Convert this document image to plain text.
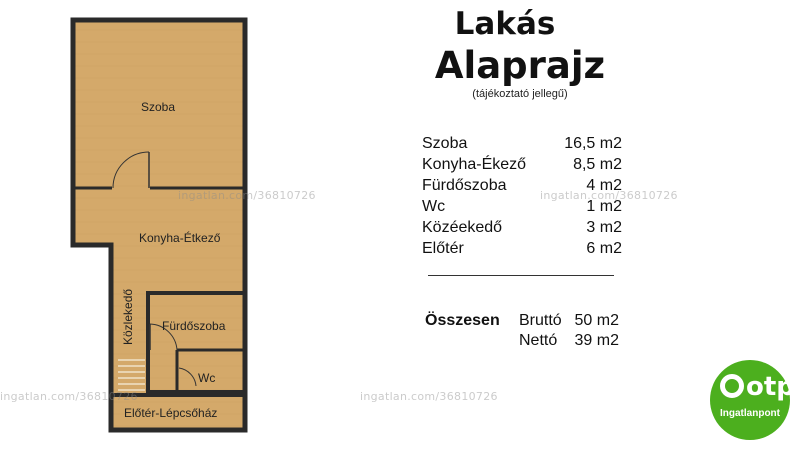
Szoba
Konyha-Étkező
Közlekedő Fürdőszoba
Wc
Előtér-Lépcsőház
ingatlan.com/36810726	ingatlan.com/36810726
ingatlan.com/36810726	ingatlan.com/36810726
Lakás
Alaprajz
(tájékoztató jellegű)
Szoba	16,5 m2
Konyha-Ékező	8,5 m2
Fürdőszoba	4 m2
Wc	1 m2
Közéekedő	3 m2
Előtér	6 m2
Összesen Bruttó 50 m2
Nettó 39 m2
otp
Ingatlanpont
